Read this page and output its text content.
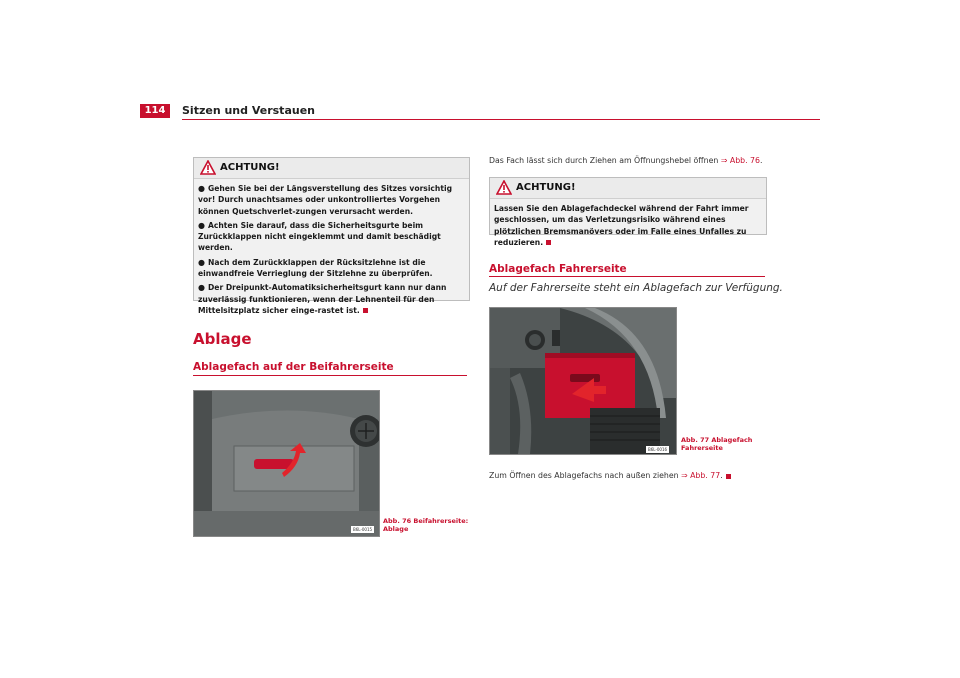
114	Sitzen und Verstauen
ACHTUNG!

● Gehen Sie bei der Längsverstellung des Sitzes vorsichtig vor! Durch unachtsames oder unkontrolliertes Vorgehen können Quetschverlet-zungen verursacht werden.

● Achten Sie darauf, dass die Sicherheitsgurte beim Zurückklappen nicht eingeklemmt und damit beschädigt werden.

● Nach dem Zurückklappen der Rücksitzlehne ist die einwandfreie Verrieglung der Sitzlehne zu überprüfen.

● Der Dreipunkt-Automatiksicherheitsgurt kann nur dann zuverlässig funktionieren, wenn der Lehnenteil für den Mittelsitzplatz sicher einge-rastet ist.

Ablage
Ablagefach auf der Beifahrerseite
B6L-0015
Abb. 76 Beifahrerseite:
Ablage
Das Fach lässt sich durch Ziehen am Öffnungshebel öffnen ⇒ Abb. 76.
ACHTUNG!

Lassen Sie den Ablagefachdeckel während der Fahrt immer geschlossen, um das Verletzungsrisiko während eines plötzlichen Bremsmanövers oder im Falle eines Unfalles zu reduzieren.

Ablagefach Fahrerseite
Auf der Fahrerseite steht ein Ablagefach zur Verfügung.
B6L-0016
Abb. 77 Ablagefach
Fahrerseite
Zum Öffnen des Ablagefachs nach außen ziehen ⇒ Abb. 77.
